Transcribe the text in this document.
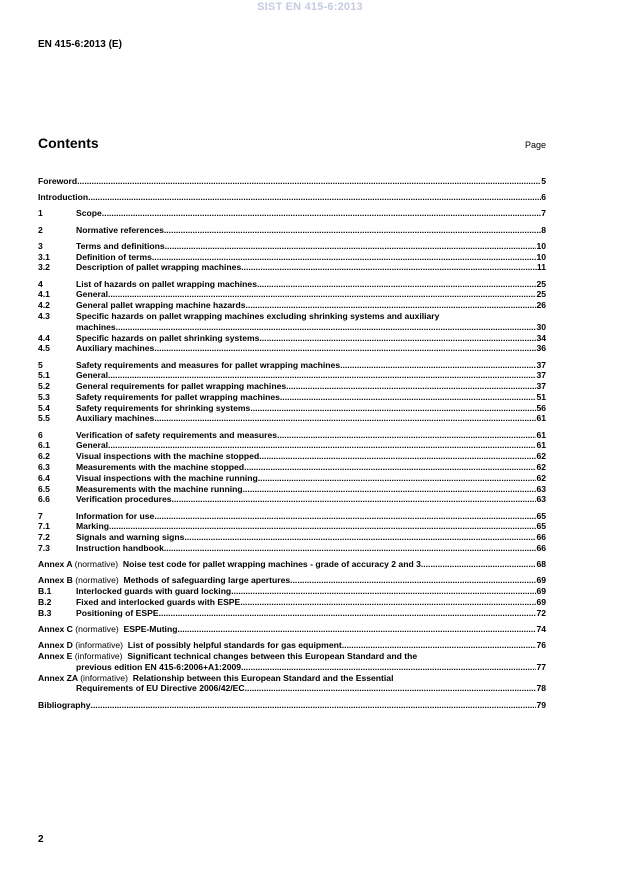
SIST EN 415-6:2013
EN 415-6:2013 (E)
Contents	Page
Foreword .....	5
Introduction .....	6
1	Scope .....	7
2	Normative references .....	8
3	Terms and definitions .....	10
3.1	Definition of terms .....	10
3.2	Description of pallet wrapping machines .....	11
4	List of hazards on pallet wrapping machines .....	25
4.1	General .....	25
4.2	General pallet wrapping machine hazards .....	26
4.3	Specific hazards on pallet wrapping machines excluding shrinking systems and auxiliary
machines .....	30
4.4	Specific hazards on pallet shrinking systems .....	34
4.5	Auxiliary machines .....	36
5	Safety requirements and measures for pallet wrapping machines .....	37
5.1	General .....	37
5.2	General requirements for pallet wrapping machines .....	37
5.3	Safety requirements for pallet wrapping machines .....	51
5.4	Safety requirements for shrinking systems .....	56
5.5	Auxiliary machines .....	61
6	Verification of safety requirements and measures .....	61
6.1	General .....	61
6.2	Visual inspections with the machine stopped .....	62
6.3	Measurements with the machine stopped .....	62
6.4	Visual inspections with the machine running .....	62
6.5	Measurements with the machine running .....	63
6.6	Verification procedures .....	63
7	Information for use .....	65
7.1	Marking .....	65
7.2	Signals and warning signs .....	66
7.3	Instruction handbook .....	66
Annex A (normative) Noise test code for pallet wrapping machines - grade of accuracy 2 and 3 .....	68
Annex B (normative) Methods of safeguarding large apertures .....	69
B.1	Interlocked guards with guard locking .....	69
B.2	Fixed and interlocked guards with ESPE .....	69
B.3	Positioning of ESPE .....	72
Annex C (normative) ESPE-Muting .....	74
Annex D (informative) List of possibly helpful standards for gas equipment .....	76
Annex E (informative) Significant technical changes between this European Standard and the
previous edition EN 415-6:2006+A1:2009 .....	77
Annex ZA (informative) Relationship between this European Standard and the Essential
Requirements of EU Directive 2006/42/EC .....	78
Bibliography .....	79
2
